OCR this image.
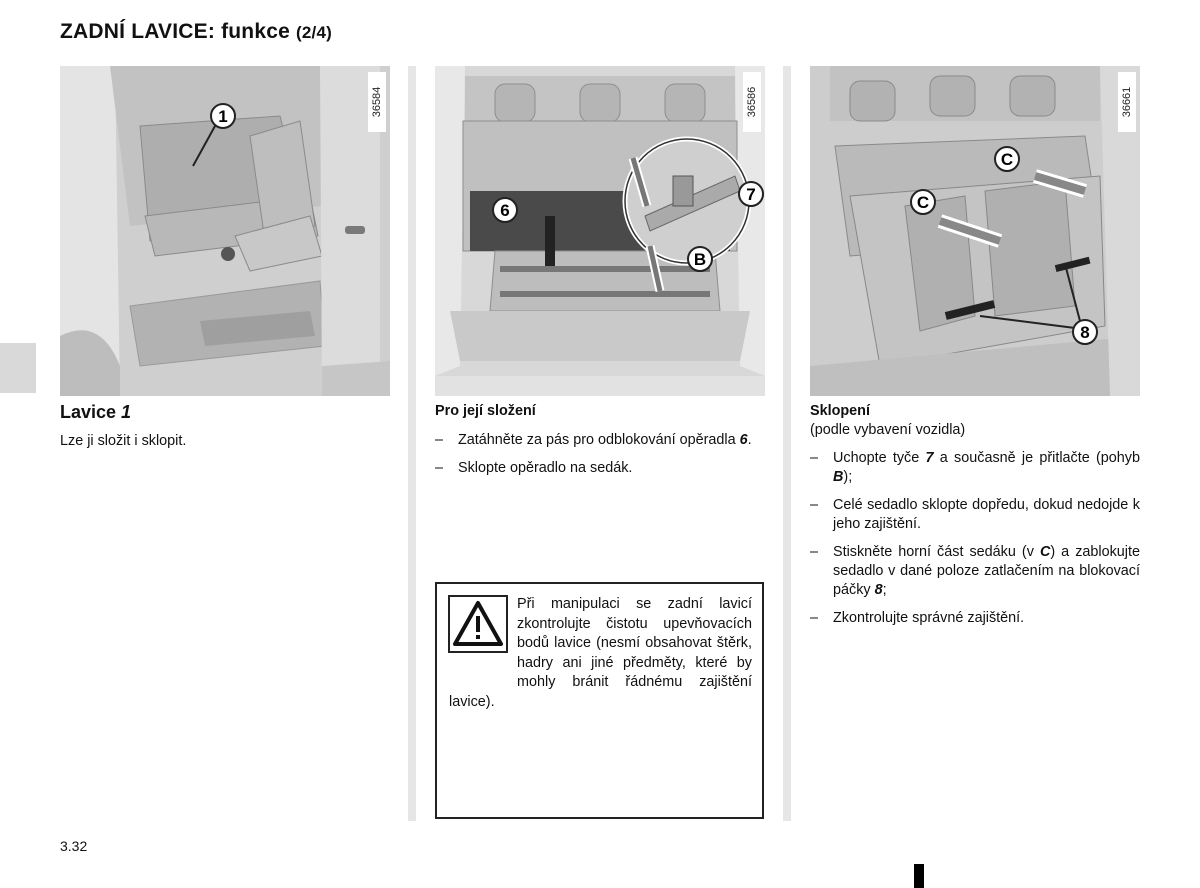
ZADNÍ LAVICE: funkce (2/4)
1	36584
6
7
B
36586
C
C
8
36661
Lavice 1
Lze ji složit i sklopit.
Pro její složení
– Zatáhněte za pás pro odblokování opěradla 6.
– Sklopte opěradlo na sedák.
Při manipulaci se zadní lavicí zkontrolujte čistotu upevňovacích bodů lavice (nesmí obsahovat štěrk, hadry ani jiné předměty, které by mohly bránit řádnému zajištění lavice).
Sklopení
(podle vybavení vozidla)
– Uchopte tyče 7 a současně je přitlačte (pohyb B);
– Celé sedadlo sklopte dopředu, dokud nedojde k jeho zajištění.
– Stiskněte horní část sedáku (v C) a zablokujte sedadlo v dané poloze zatlačením na blokovací páčky 8;
– Zkontrolujte správné zajištění.
3.32
